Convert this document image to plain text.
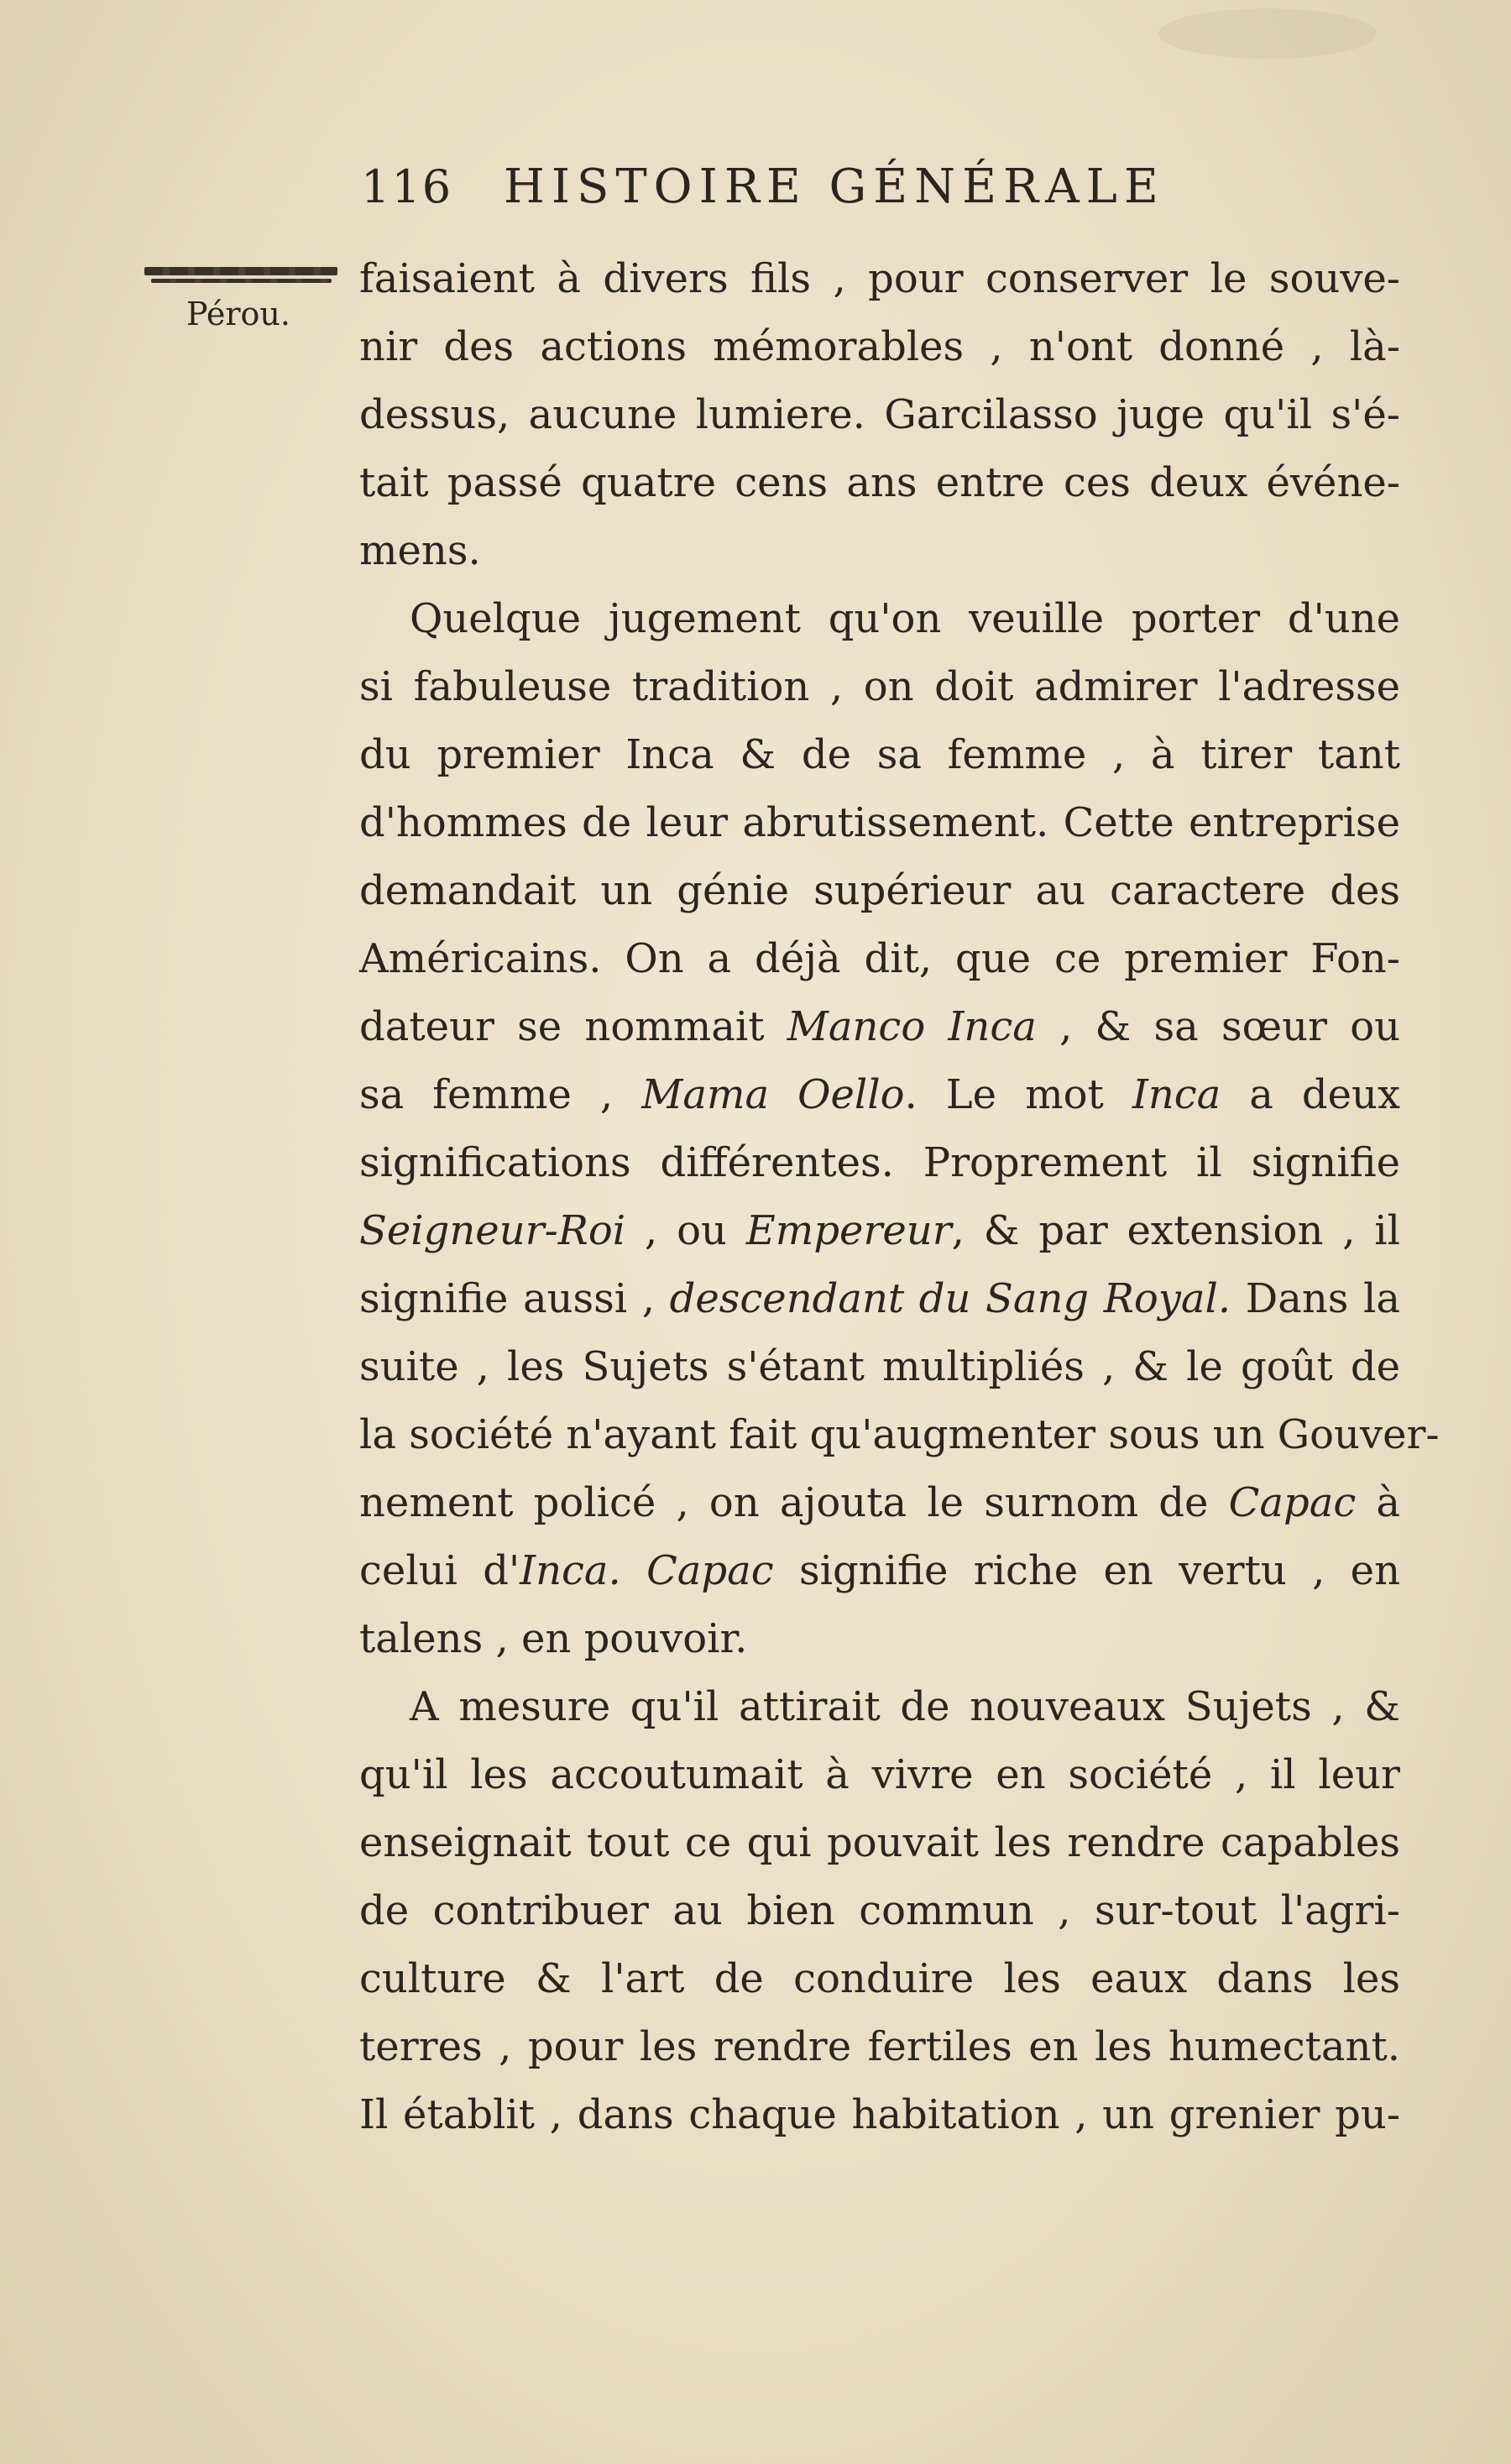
116	HISTOIRE GÉNÉRALE
Pérou.

faisaient à divers fils , pour conserver le souve-
nir des actions mémorables , n'ont donné , là-
dessus, aucune lumiere. Garcilasso juge qu'il s'é-
tait passé quatre cens ans entre ces deux événe-
mens.

Quelque jugement qu'on veuille porter d'une
si fabuleuse tradition , on doit admirer l'adresse
du premier Inca & de sa femme , à tirer tant
d'hommes de leur abrutissement. Cette entreprise
demandait un génie supérieur au caractere des
Américains. On a déjà dit, que ce premier Fon-
dateur se nommait Manco Inca , & sa sœur ou
sa femme , Mama Oello. Le mot Inca a deux
significations différentes. Proprement il signifie
Seigneur-Roi , ou Empereur, & par extension , il
signifie aussi , descendant du Sang Royal. Dans la
suite , les Sujets s'étant multipliés , & le goût de
la société n'ayant fait qu'augmenter sous un Gouver-
nement policé , on ajouta le surnom de Capac à
celui d'Inca. Capac signifie riche en vertu , en
talens , en pouvoir.

A mesure qu'il attirait de nouveaux Sujets , &
qu'il les accoutumait à vivre en société , il leur
enseignait tout ce qui pouvait les rendre capables
de contribuer au bien commun , sur-tout l'agri-
culture & l'art de conduire les eaux dans les
terres , pour les rendre fertiles en les humectant.
Il établit , dans chaque habitation , un grenier pu-
